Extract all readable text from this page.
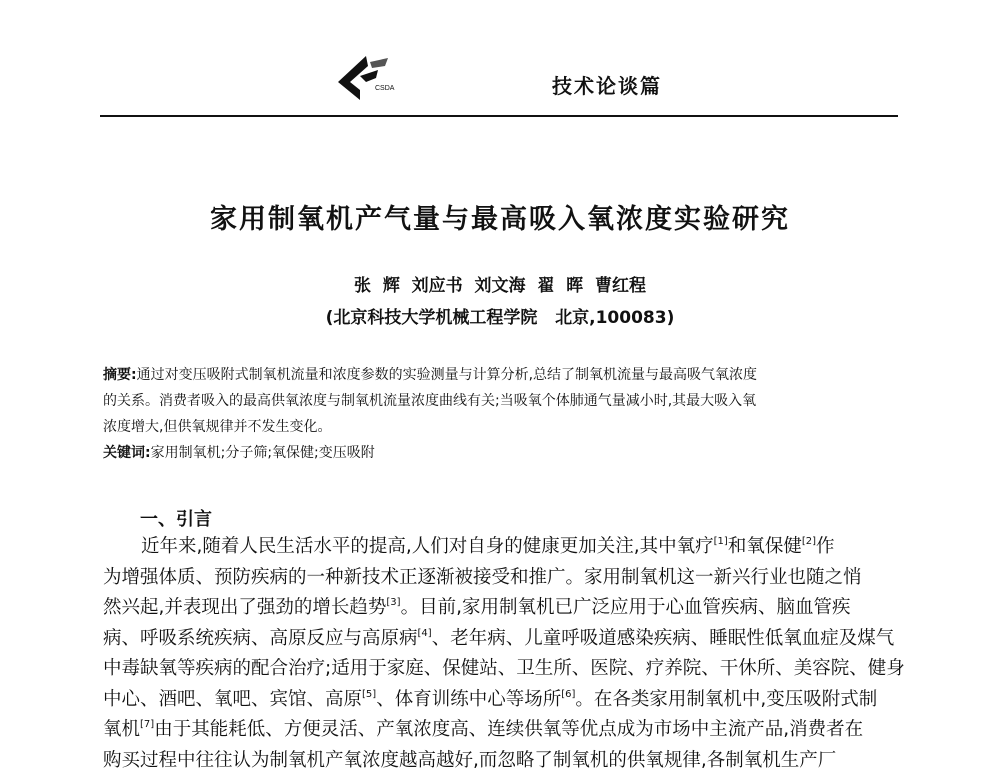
CSDA	技术论谈篇
家用制氧机产气量与最高吸入氧浓度实验研究
张  辉  刘应书  刘文海  翟  晖  曹红程
(北京科技大学机械工程学院   北京,100083)
摘要:通过对变压吸附式制氧机流量和浓度参数的实验测量与计算分析,总结了制氧机流量与最高吸气氧浓度
的关系。消费者吸入的最高供氧浓度与制氧机流量浓度曲线有关;当吸氧个体肺通气量减小时,其最大吸入氧
浓度增大,但供氧规律并不发生变化。
关键词:家用制氧机;分子筛;氧保健;变压吸附
一、引言
近年来,随着人民生活水平的提高,人们对自身的健康更加关注,其中氧疗[1]和氧保健[2]作
为增强体质、预防疾病的一种新技术正逐渐被接受和推广。家用制氧机这一新兴行业也随之悄
然兴起,并表现出了强劲的增长趋势[3]。目前,家用制氧机已广泛应用于心血管疾病、脑血管疾
病、呼吸系统疾病、高原反应与高原病[4]、老年病、儿童呼吸道感染疾病、睡眠性低氧血症及煤气
中毒缺氧等疾病的配合治疗;适用于家庭、保健站、卫生所、医院、疗养院、干休所、美容院、健身
中心、酒吧、氧吧、宾馆、高原[5]、体育训练中心等场所[6]。在各类家用制氧机中,变压吸附式制
氧机[7]由于其能耗低、方便灵活、产氧浓度高、连续供氧等优点成为市场中主流产品,消费者在
购买过程中往往认为制氧机产氧浓度越高越好,而忽略了制氧机的供氧规律,各制氧机生产厂
